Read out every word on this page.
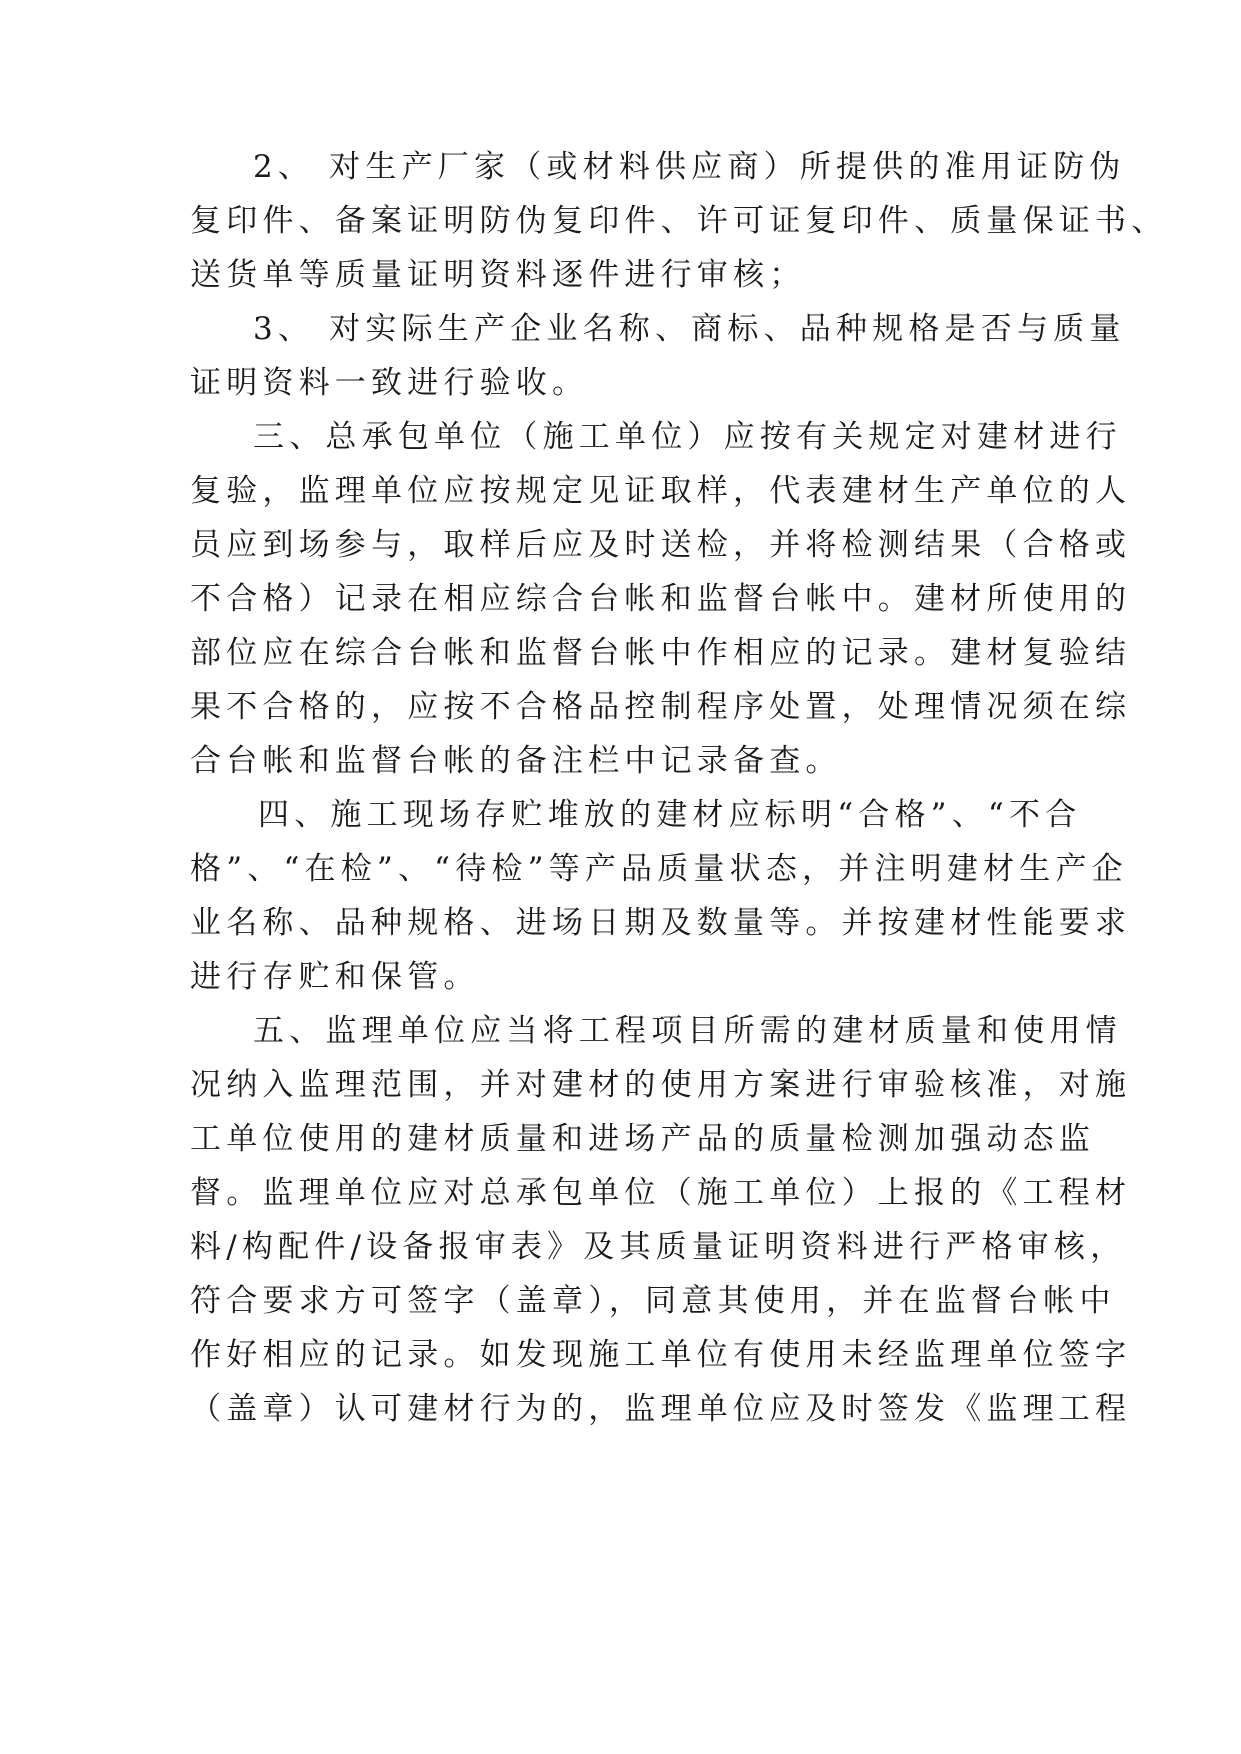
2、 对生产厂家（或材料供应商）所提供的准用证防伪
复印件、备案证明防伪复印件、许可证复印件、质量保证书、
送货单等质量证明资料逐件进行审核；
3、 对实际生产企业名称、商标、品种规格是否与质量
证明资料一致进行验收。
三、总承包单位（施工单位）应按有关规定对建材进行
复验，监理单位应按规定见证取样，代表建材生产单位的人
员应到场参与，取样后应及时送检，并将检测结果（合格或
不合格）记录在相应综合台帐和监督台帐中。建材所使用的
部位应在综合台帐和监督台帐中作相应的记录。建材复验结
果不合格的，应按不合格品控制程序处置，处理情况须在综
合台帐和监督台帐的备注栏中记录备查。
四、施工现场存贮堆放的建材应标明“合格”、“不合
格”、“在检”、“待检”等产品质量状态，并注明建材生产企
业名称、品种规格、进场日期及数量等。并按建材性能要求
进行存贮和保管。
五、监理单位应当将工程项目所需的建材质量和使用情
况纳入监理范围，并对建材的使用方案进行审验核准，对施
工单位使用的建材质量和进场产品的质量检测加强动态监
督。监理单位应对总承包单位（施工单位）上报的《工程材
料/构配件/设备报审表》及其质量证明资料进行严格审核，
符合要求方可签字（盖章），同意其使用，并在监督台帐中
作好相应的记录。如发现施工单位有使用未经监理单位签字
（盖章）认可建材行为的，监理单位应及时签发《监理工程
